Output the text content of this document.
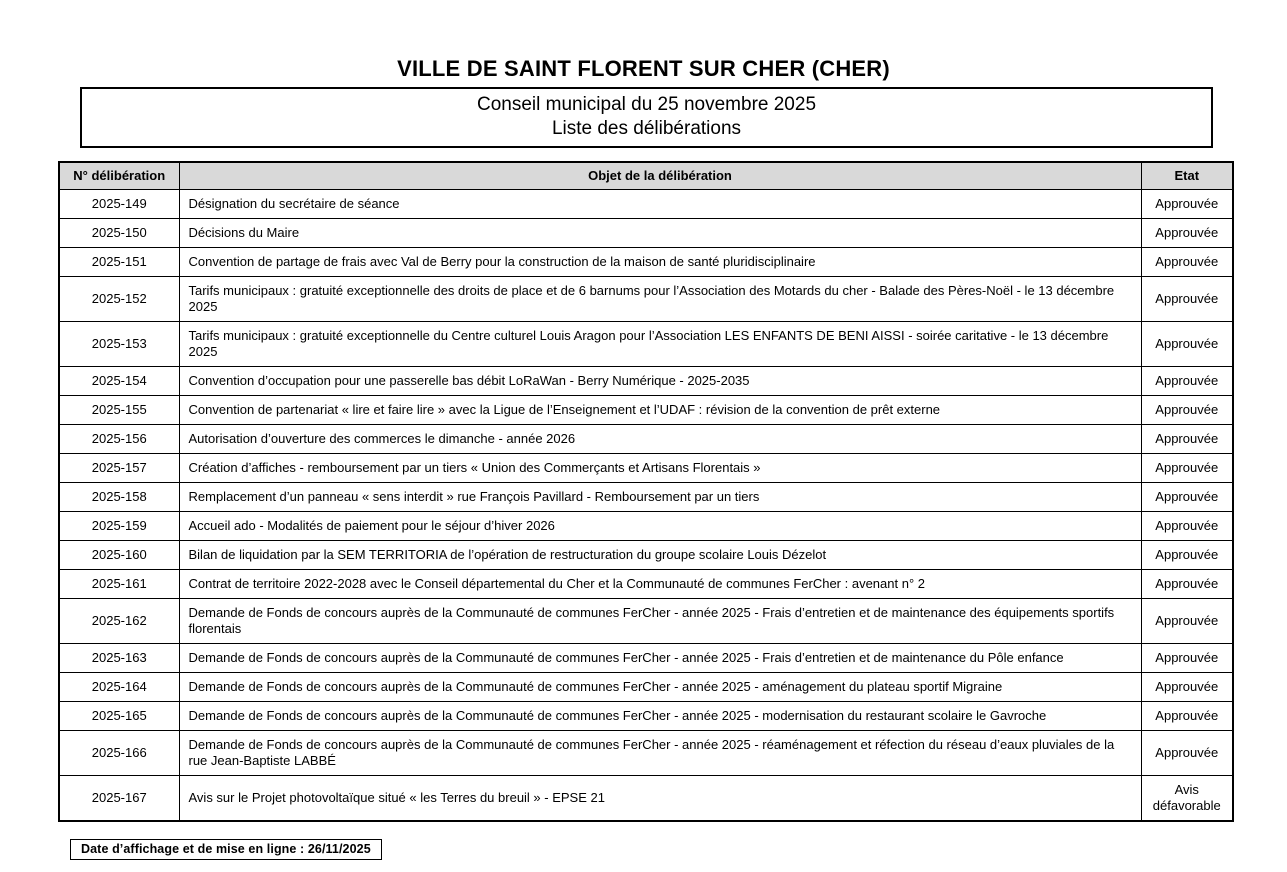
VILLE DE SAINT FLORENT SUR CHER (CHER)
Conseil municipal du 25 novembre 2025
Liste des délibérations
N° délibération	Objet de la délibération	Etat
2025-149	Désignation du secrétaire de séance	Approuvée
2025-150	Décisions du Maire	Approuvée
2025-151	Convention de partage de frais avec Val de Berry pour la construction de la maison de santé pluridisciplinaire	Approuvée
2025-152	Tarifs municipaux : gratuité exceptionnelle des droits de place et de 6 barnums pour l’Association des Motards du cher - Balade des Pères-Noël - le 13 décembre 2025	Approuvée
2025-153	Tarifs municipaux : gratuité exceptionnelle du Centre culturel Louis Aragon pour l’Association LES ENFANTS DE BENI AISSI - soirée caritative - le 13 décembre 2025	Approuvée
2025-154	Convention d’occupation pour une passerelle bas débit LoRaWan - Berry Numérique - 2025-2035	Approuvée
2025-155	Convention de partenariat « lire et faire lire » avec la Ligue de l’Enseignement et l’UDAF : révision de la convention de prêt externe	Approuvée
2025-156	Autorisation d’ouverture des commerces le dimanche - année 2026	Approuvée
2025-157	Création d’affiches - remboursement par un tiers « Union des Commerçants et Artisans Florentais »	Approuvée
2025-158	Remplacement d’un panneau « sens interdit » rue François Pavillard - Remboursement par un tiers	Approuvée
2025-159	Accueil ado - Modalités de paiement pour le séjour d’hiver 2026	Approuvée
2025-160	Bilan de liquidation par la SEM TERRITORIA de l’opération de restructuration du groupe scolaire Louis Dézelot	Approuvée
2025-161	Contrat de territoire 2022-2028 avec le Conseil départemental du Cher et la Communauté de communes FerCher : avenant n° 2	Approuvée
2025-162	Demande de Fonds de concours auprès de la Communauté de communes FerCher - année 2025 - Frais d’entretien et de maintenance des équipements sportifs florentais	Approuvée
2025-163	Demande de Fonds de concours auprès de la Communauté de communes FerCher - année 2025 - Frais d’entretien et de maintenance du Pôle enfance	Approuvée
2025-164	Demande de Fonds de concours auprès de la Communauté de communes FerCher - année 2025 - aménagement du plateau sportif Migraine	Approuvée
2025-165	Demande de Fonds de concours auprès de la Communauté de communes FerCher - année 2025 - modernisation du restaurant scolaire le Gavroche	Approuvée
2025-166	Demande de Fonds de concours auprès de la Communauté de communes FerCher - année 2025 - réaménagement et réfection du réseau d’eaux pluviales de la rue Jean-Baptiste LABBÉ	Approuvée
2025-167	Avis sur le Projet photovoltaïque situé « les Terres du breuil » - EPSE 21	Avis défavorable
Date d’affichage et de mise en ligne : 26/11/2025
